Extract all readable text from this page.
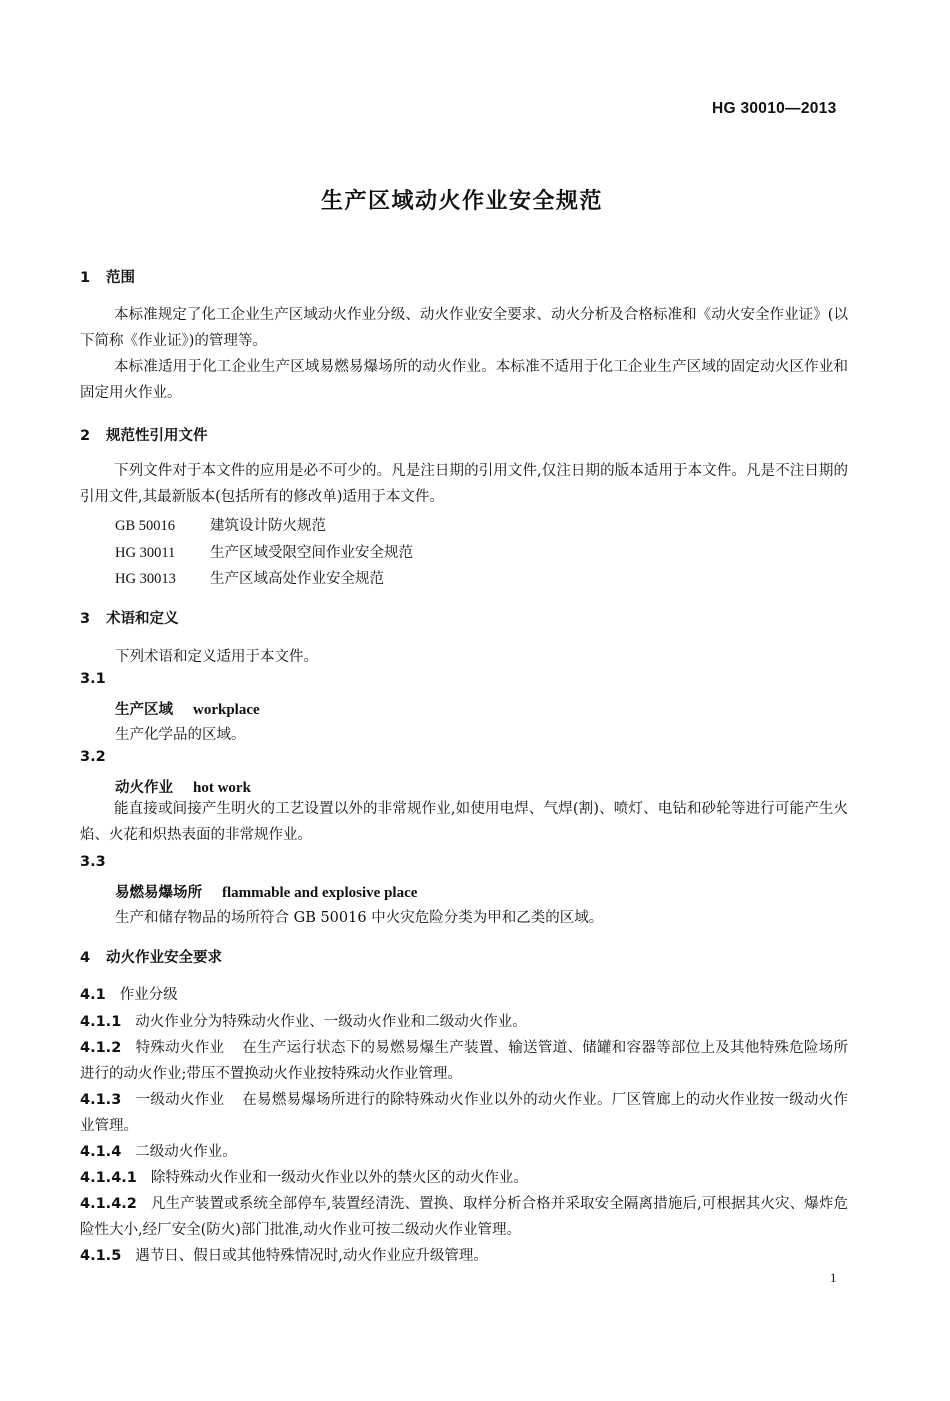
HG 30010—2013
生产区域动火作业安全规范
1 范围
本标准规定了化工企业生产区域动火作业分级、动火作业安全要求、动火分析及合格标准和《动火安全作业证》(以下简称《作业证》)的管理等。
本标准适用于化工企业生产区域易燃易爆场所的动火作业。本标准不适用于化工企业生产区域的固定动火区作业和固定用火作业。
2 规范性引用文件
下列文件对于本文件的应用是必不可少的。凡是注日期的引用文件,仅注日期的版本适用于本文件。凡是不注日期的引用文件,其最新版本(包括所有的修改单)适用于本文件。
GB 50016 建筑设计防火规范
HG 30011 生产区域受限空间作业安全规范
HG 30013 生产区域高处作业安全规范
3 术语和定义
下列术语和定义适用于本文件。
3.1
生产区域 workplace
生产化学品的区域。
3.2
动火作业 hot work
能直接或间接产生明火的工艺设置以外的非常规作业,如使用电焊、气焊(割)、喷灯、电钻和砂轮等进行可能产生火焰、火花和炽热表面的非常规作业。
3.3
易燃易爆场所 flammable and explosive place
生产和储存物品的场所符合 GB 50016 中火灾危险分类为甲和乙类的区域。
4 动火作业安全要求
4.1 作业分级
4.1.1 动火作业分为特殊动火作业、一级动火作业和二级动火作业。
4.1.2 特殊动火作业 在生产运行状态下的易燃易爆生产装置、输送管道、储罐和容器等部位上及其他特殊危险场所进行的动火作业;带压不置换动火作业按特殊动火作业管理。
4.1.3 一级动火作业 在易燃易爆场所进行的除特殊动火作业以外的动火作业。厂区管廊上的动火作业按一级动火作业管理。
4.1.4 二级动火作业。
4.1.4.1 除特殊动火作业和一级动火作业以外的禁火区的动火作业。
4.1.4.2 凡生产装置或系统全部停车,装置经清洗、置换、取样分析合格并采取安全隔离措施后,可根据其火灾、爆炸危险性大小,经厂安全(防火)部门批准,动火作业可按二级动火作业管理。
4.1.5 遇节日、假日或其他特殊情况时,动火作业应升级管理。
1
